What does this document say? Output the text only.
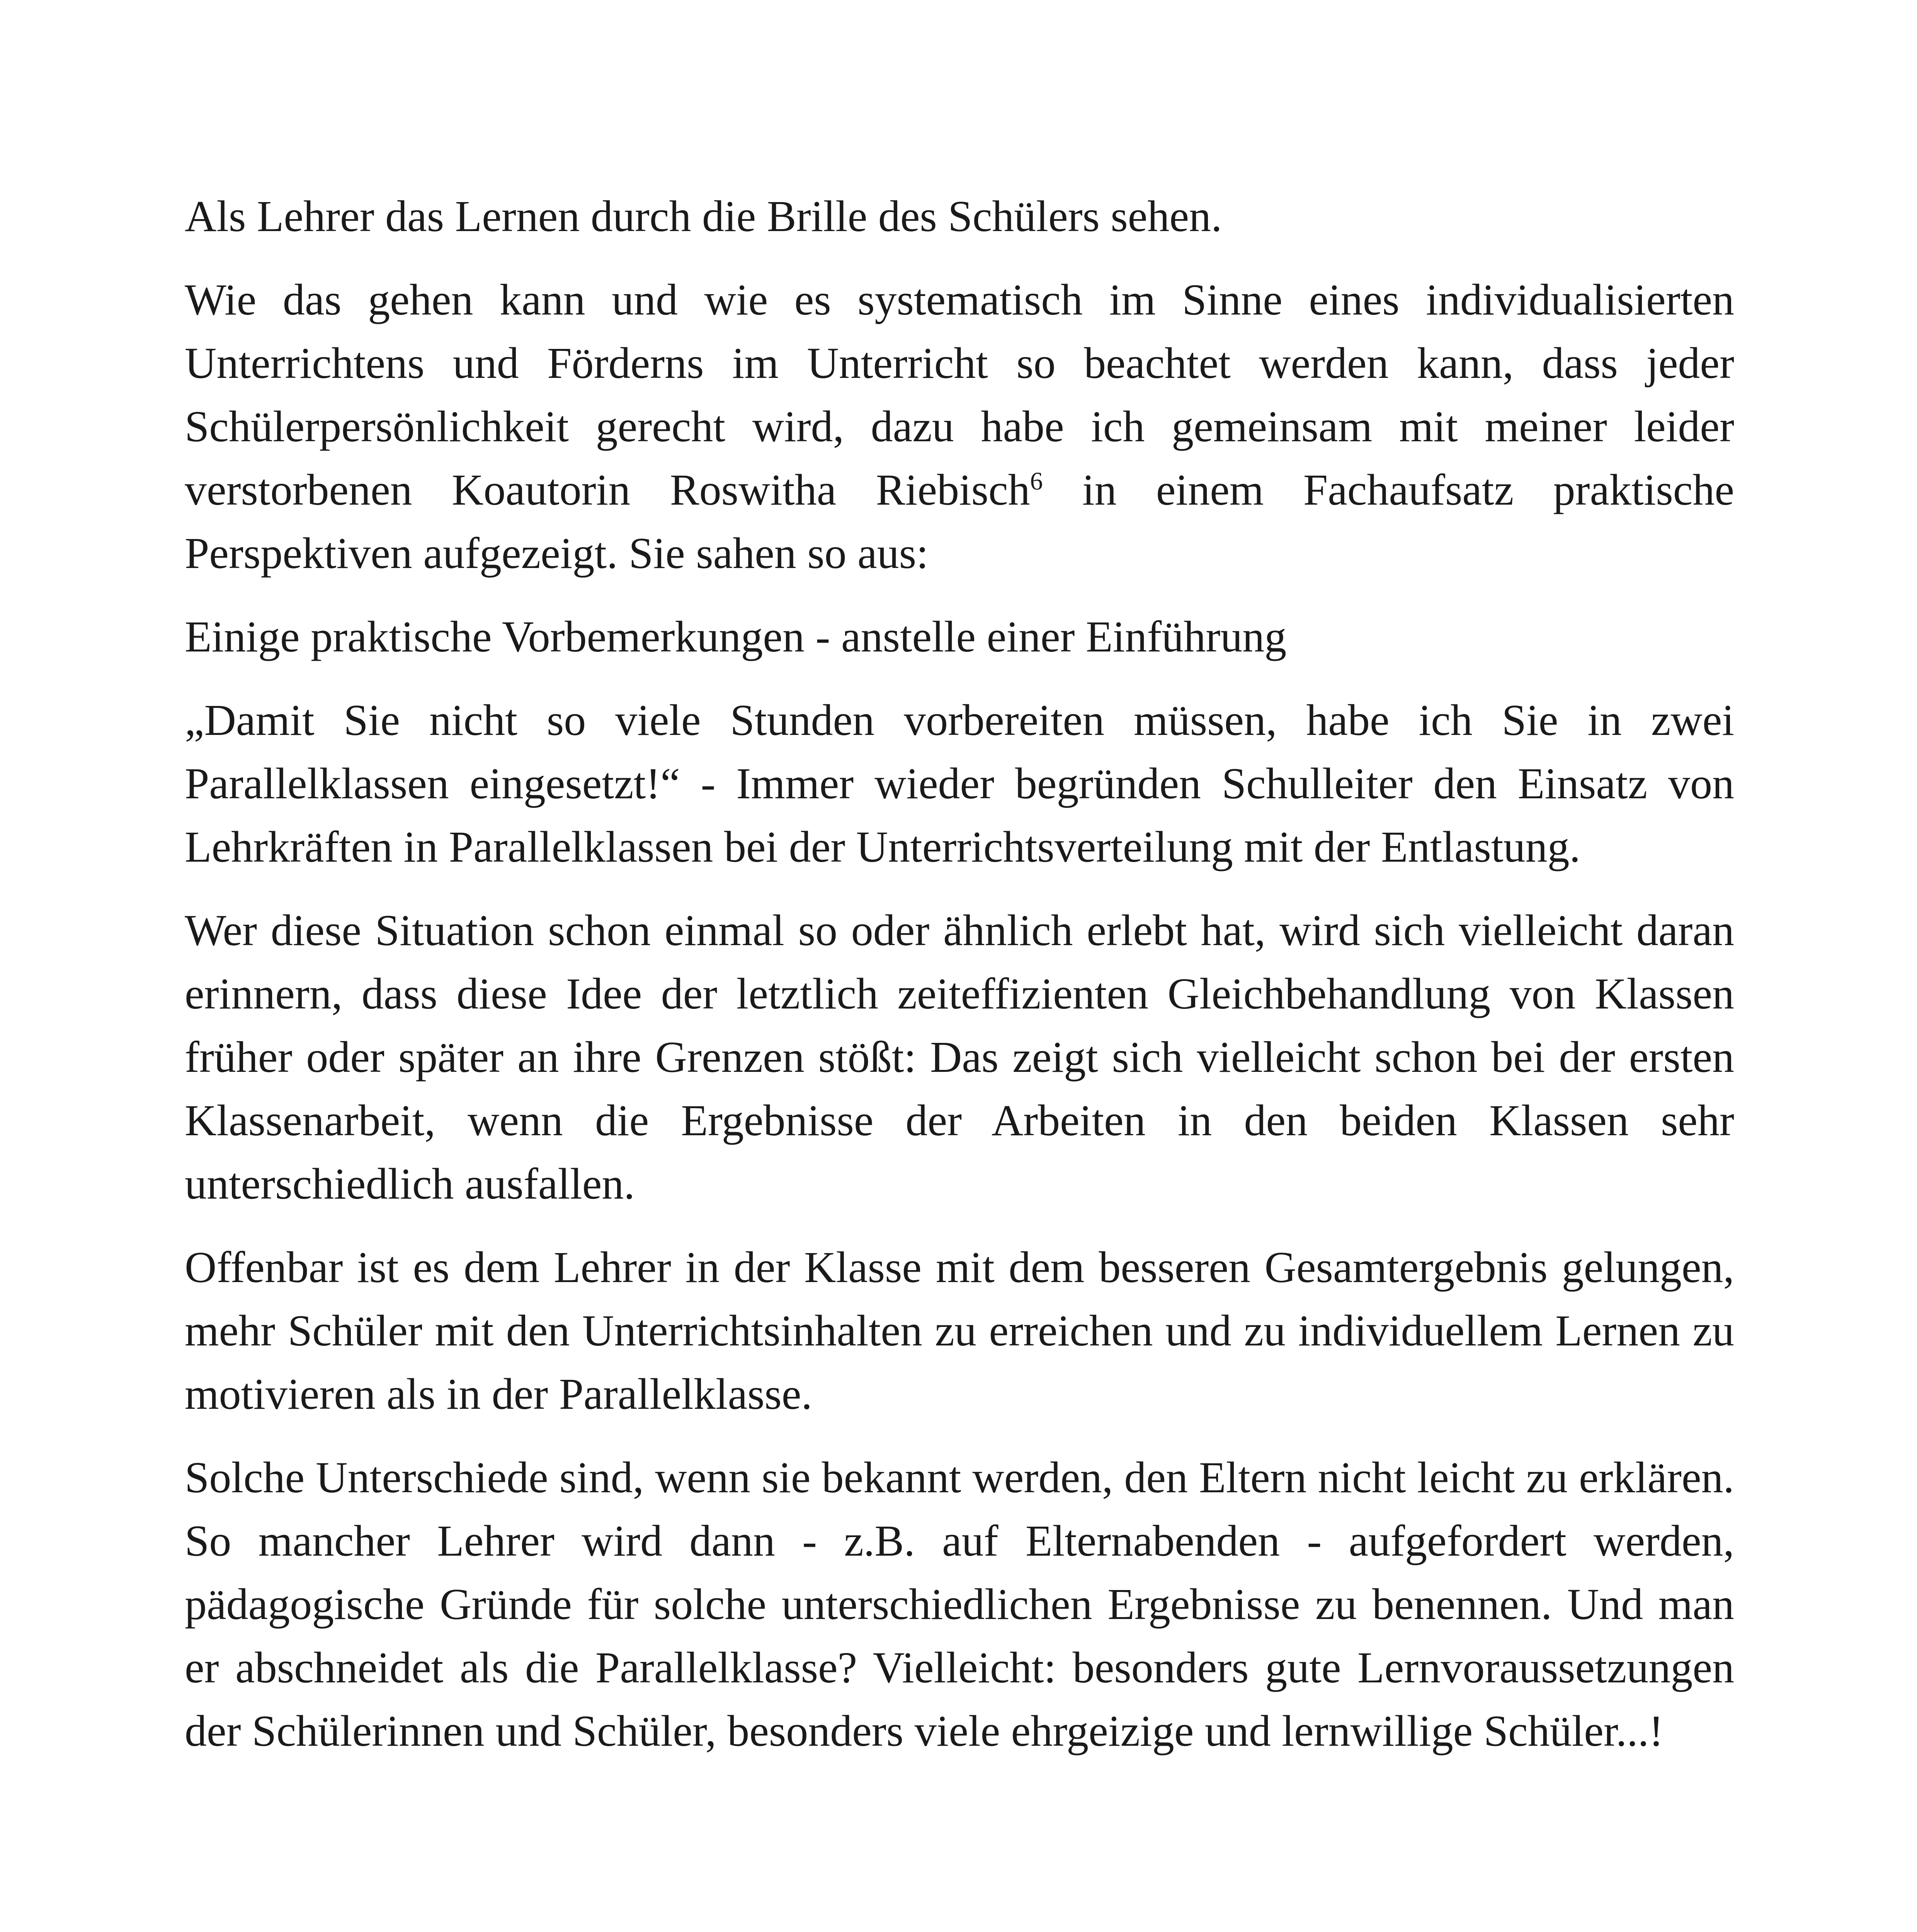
Als Lehrer das Lernen durch die Brille des Schülers sehen.

Wie das gehen kann und wie es systematisch im Sinne eines individualisierten Unterrichtens und Förderns im Unterricht so beachtet werden kann, dass jeder Schülerpersönlichkeit gerecht wird, dazu habe ich gemeinsam mit meiner leider verstorbenen Koautorin Roswitha Riebisch$^6$ in einem Fachaufsatz praktische Perspektiven aufgezeigt. Sie sahen so aus:

Einige praktische Vorbemerkungen - anstelle einer Einführung

„Damit Sie nicht so viele Stunden vorbereiten müssen, habe ich Sie in zwei Parallelklassen eingesetzt!“ - Immer wieder begründen Schulleiter den Einsatz von Lehrkräften in Parallelklassen bei der Unterrichtsverteilung mit der Entlastung.

Wer diese Situation schon einmal so oder ähnlich erlebt hat, wird sich vielleicht daran erinnern, dass diese Idee der letztlich zeiteffizienten Gleichbehandlung von Klassen früher oder später an ihre Grenzen stößt: Das zeigt sich vielleicht schon bei der ersten Klassenarbeit, wenn die Ergebnisse der Arbeiten in den beiden Klassen sehr unterschiedlich ausfallen.

Offenbar ist es dem Lehrer in der Klasse mit dem besseren Gesamtergebnis gelungen, mehr Schüler mit den Unterrichtsinhalten zu erreichen und zu individuellem Lernen zu motivieren als in der Parallelklasse.

Solche Unterschiede sind, wenn sie bekannt werden, den Eltern nicht leicht zu erklären. So mancher Lehrer wird dann - z.B. auf Elternabenden - aufgefordert werden, pädagogische Gründe für solche unterschiedlichen Ergebnisse zu benennen. Und man er abschneidet als die Parallelklasse? Vielleicht: besonders gute Lernvoraussetzungen der Schülerinnen und Schüler, besonders viele ehrgeizige und lernwillige Schüler...!
